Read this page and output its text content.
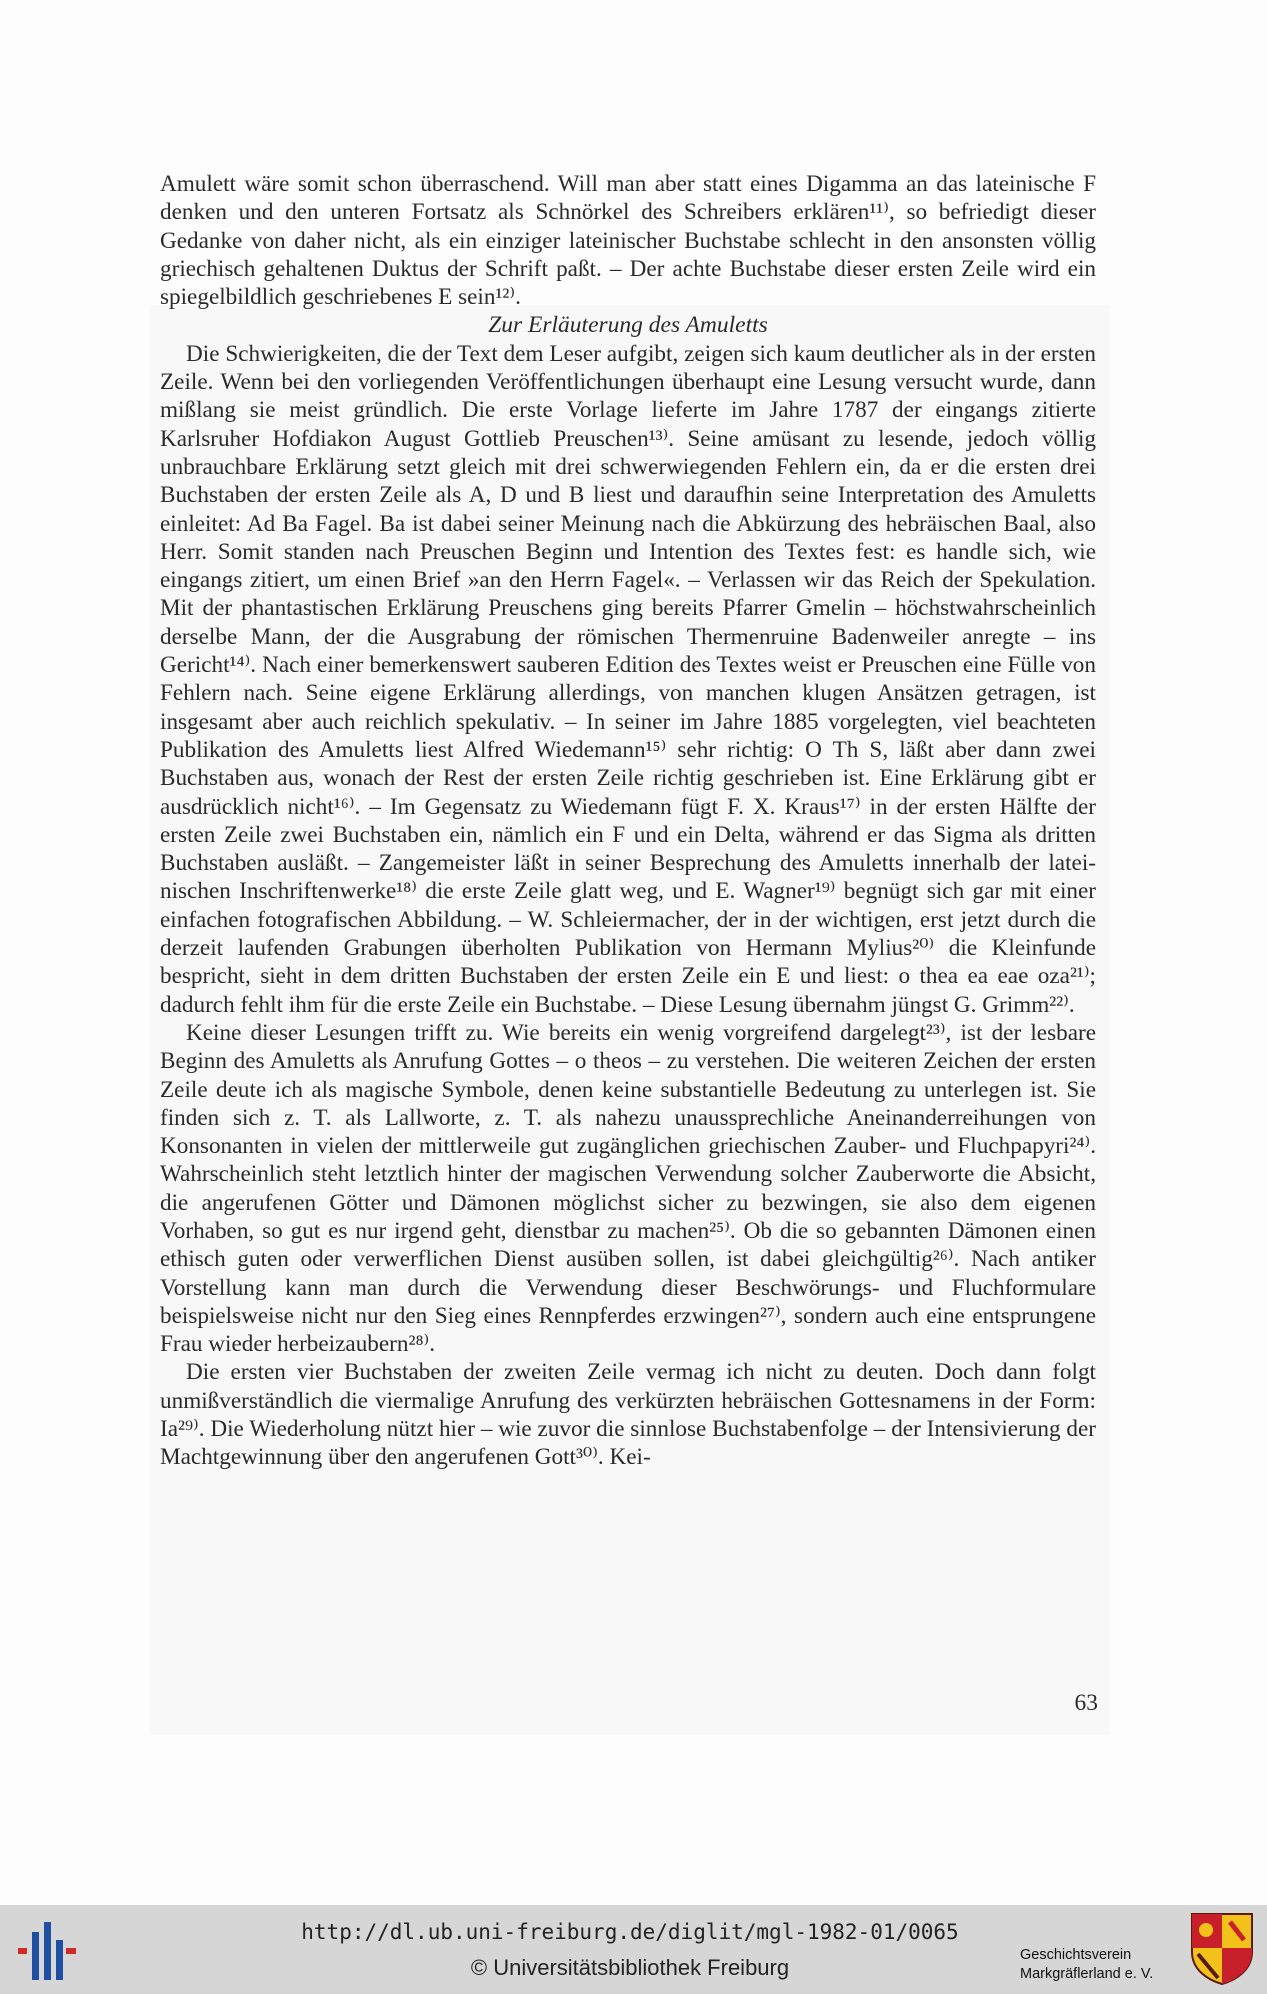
Amulett wäre somit schon überraschend. Will man aber statt eines Digamma an das lateinische F denken und den unteren Fortsatz als Schnörkel des Schreibers erklären¹¹⁾, so befriedigt dieser Gedanke von daher nicht, als ein einziger lateinischer Buchstabe schlecht in den ansonsten völlig griechisch gehaltenen Duktus der Schrift paßt. – Der achte Buchstabe dieser ersten Zeile wird ein spiegelbildlich geschriebenes E sein¹²⁾.

Zur Erläuterung des Amuletts

Die Schwierigkeiten, die der Text dem Leser aufgibt, zeigen sich kaum deutlicher als in der ersten Zeile. Wenn bei den vorliegenden Veröffentlichungen überhaupt eine Lesung versucht wurde, dann mißlang sie meist gründlich. Die erste Vorlage lieferte im Jahre 1787 der eingangs zitierte Karlsruher Hofdiakon August Gottlieb Preuschen¹³⁾. Seine amüsant zu lesende, jedoch völlig unbrauchbare Erklärung setzt gleich mit drei schwerwiegenden Fehlern ein, da er die ersten drei Buchstaben der ersten Zeile als A, D und B liest und daraufhin seine Interpretation des Amuletts einleitet: Ad Ba Fagel. Ba ist dabei seiner Meinung nach die Abkürzung des hebräischen Baal, also Herr. Somit standen nach Preuschen Beginn und Intention des Textes fest: es handle sich, wie eingangs zitiert, um einen Brief »an den Herrn Fagel«. – Verlassen wir das Reich der Spekulation. Mit der phantastischen Erklärung Preuschens ging bereits Pfarrer Gmelin – höchstwahrscheinlich derselbe Mann, der die Ausgrabung der römischen Thermenruine Badenweiler anregte – ins Gericht¹⁴⁾. Nach einer bemerkenswert sauberen Edition des Textes weist er Preuschen eine Fülle von Fehlern nach. Seine eigene Erklärung allerdings, von manchen klugen Ansätzen getragen, ist insgesamt aber auch reichlich spekulativ. – In seiner im Jahre 1885 vorgelegten, viel beachteten Publikation des Amuletts liest Alfred Wiedemann¹⁵⁾ sehr richtig: O Th S, läßt aber dann zwei Buchstaben aus, wonach der Rest der ersten Zeile richtig geschrieben ist. Eine Erklärung gibt er ausdrücklich nicht¹⁶⁾. – Im Gegensatz zu Wiedemann fügt F. X. Kraus¹⁷⁾ in der ersten Hälfte der ersten Zeile zwei Buchstaben ein, nämlich ein F und ein Delta, während er das Sigma als dritten Buchstaben ausläßt. – Zangemeister läßt in seiner Besprechung des Amuletts innerhalb der lateinischen Inschriftenwerke¹⁸⁾ die erste Zeile glatt weg, und E. Wagner¹⁹⁾ begnügt sich gar mit einer einfachen fotografischen Abbildung. – W. Schleiermacher, der in der wichtigen, erst jetzt durch die derzeit laufenden Grabungen überholten Publikation von Hermann Mylius²⁰⁾ die Kleinfunde bespricht, sieht in dem dritten Buchstaben der ersten Zeile ein E und liest: o thea ea eae oza²¹⁾; dadurch fehlt ihm für die erste Zeile ein Buchstabe. – Diese Lesung übernahm jüngst G. Grimm²²⁾.

Keine dieser Lesungen trifft zu. Wie bereits ein wenig vorgreifend dargelegt²³⁾, ist der lesbare Beginn des Amuletts als Anrufung Gottes – o theos – zu verstehen. Die weiteren Zeichen der ersten Zeile deute ich als magische Symbole, denen keine substantielle Bedeutung zu unterlegen ist. Sie finden sich z. T. als Lallworte, z. T. als nahezu unaussprechliche Aneinanderreihungen von Konsonanten in vielen der mittlerweile gut zugänglichen griechischen Zauber- und Fluchpapyri²⁴⁾. Wahrscheinlich steht letztlich hinter der magischen Verwendung solcher Zauberworte die Absicht, die angerufenen Götter und Dämonen möglichst sicher zu bezwingen, sie also dem eigenen Vorhaben, so gut es nur irgend geht, dienstbar zu machen²⁵⁾. Ob die so gebannten Dämonen einen ethisch guten oder verwerflichen Dienst ausüben sollen, ist dabei gleichgültig²⁶⁾. Nach antiker Vorstellung kann man durch die Verwendung dieser Beschwörungs- und Fluchformulare beispielsweise nicht nur den Sieg eines Rennpferdes erzwingen²⁷⁾, sondern auch eine entsprungene Frau wieder herbeizaubern²⁸⁾.

Die ersten vier Buchstaben der zweiten Zeile vermag ich nicht zu deuten. Doch dann folgt unmißverständlich die viermalige Anrufung des verkürzten hebräischen Gottesnamens in der Form: Ia²⁹⁾. Die Wiederholung nützt hier – wie zuvor die sinnlose Buchstabenfolge – der Intensivierung der Machtgewinnung über den angerufenen Gott³⁰⁾. Kei-

63
http://dl.ub.uni-freiburg.de/diglit/mgl-1982-01/0065
© Universitätsbibliothek Freiburg	Geschichtsverein
Markgräflerland e. V.
